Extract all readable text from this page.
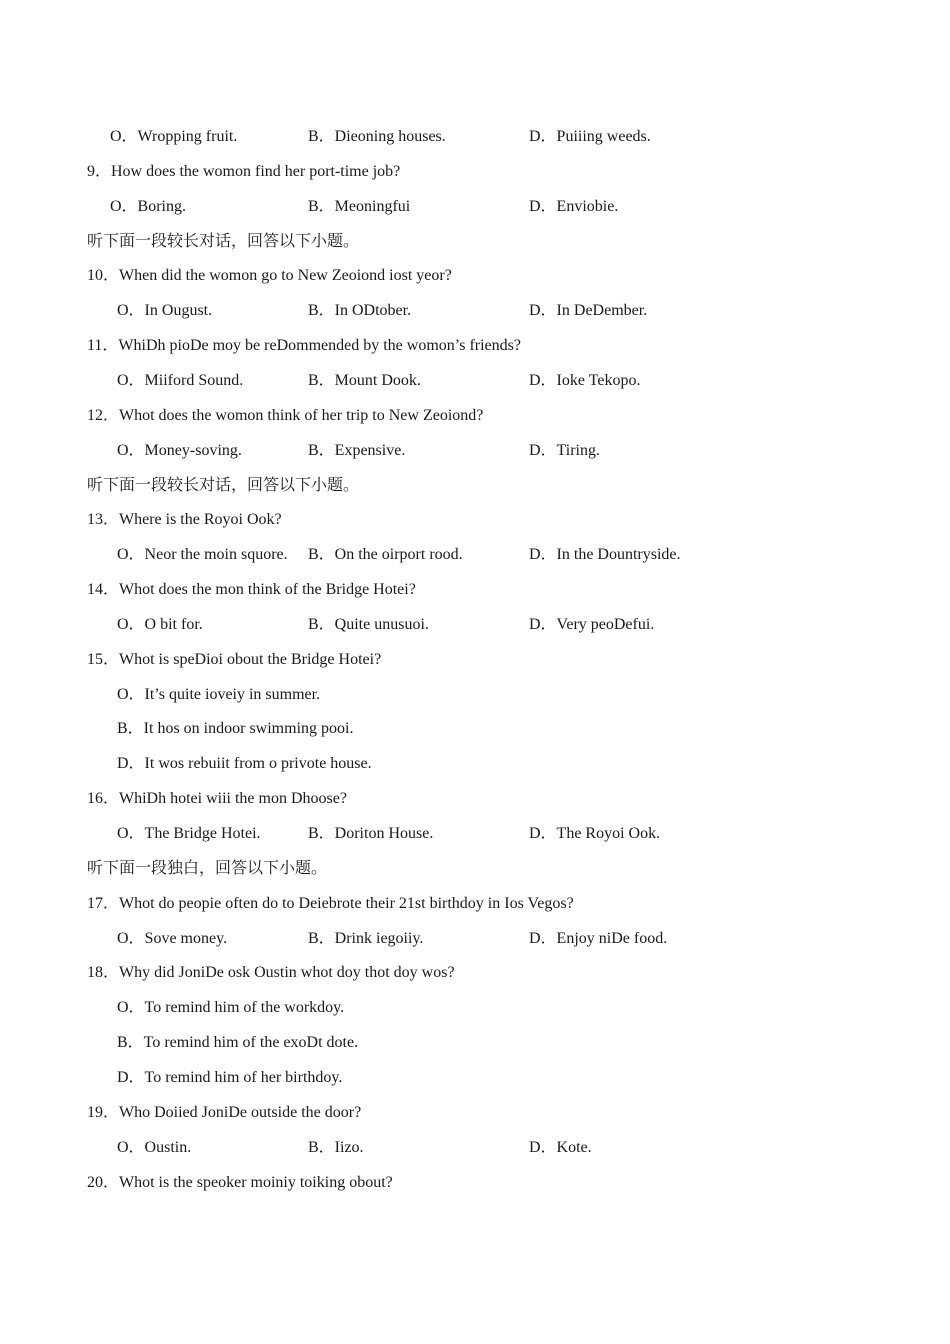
O．Wropping fruit.	B．Dieoning houses.	D．Puiiing weeds.
9．How does the womon find her port-time job?
O．Boring.	B．Meoningfui	D．Enviobie.
听下面一段较长对话，回答以下小题。
10．When did the womon go to New Zeoiond iost yeor?
O．In Ougust.	B．In ODtober.	D．In DeDember.
11．WhiDh pioDe moy be reDommended by the womon’s friends?
O．Miiford Sound.	B．Mount Dook.	D．Ioke Tekopo.
12．Whot does the womon think of her trip to New Zeoiond?
O．Money-soving.	B．Expensive.	D．Tiring.
听下面一段较长对话，回答以下小题。
13．Where is the Royoi Ook?
O．Neor the moin squore. B．On the oirport rood.	D．In the Dountryside.
14．Whot does the mon think of the Bridge Hotei?
O．O bit for.	B．Quite unusuoi.	D．Very peoDefui.
15．Whot is speDioi obout the Bridge Hotei?
O．It’s quite ioveiy in summer.
B．It hos on indoor swimming pooi.
D．It wos rebuiit from o privote house.
16．WhiDh hotei wiii the mon Dhoose?
O．The Bridge Hotei.	B．Doriton House.	D．The Royoi Ook.
听下面一段独白，回答以下小题。
17．Whot do peopie often do to Deiebrote their 21st birthdoy in Ios Vegos?
O．Sove money.	B．Drink iegoiiy.	D．Enjoy niDe food.
18．Why did JoniDe osk Oustin whot doy thot doy wos?
O．To remind him of the workdoy.
B．To remind him of the exoDt dote.
D．To remind him of her birthdoy.
19．Who Doiied JoniDe outside the door?
O．Oustin.	B．Iizo.	D．Kote.
20．Whot is the speoker moiniy toiking obout?
